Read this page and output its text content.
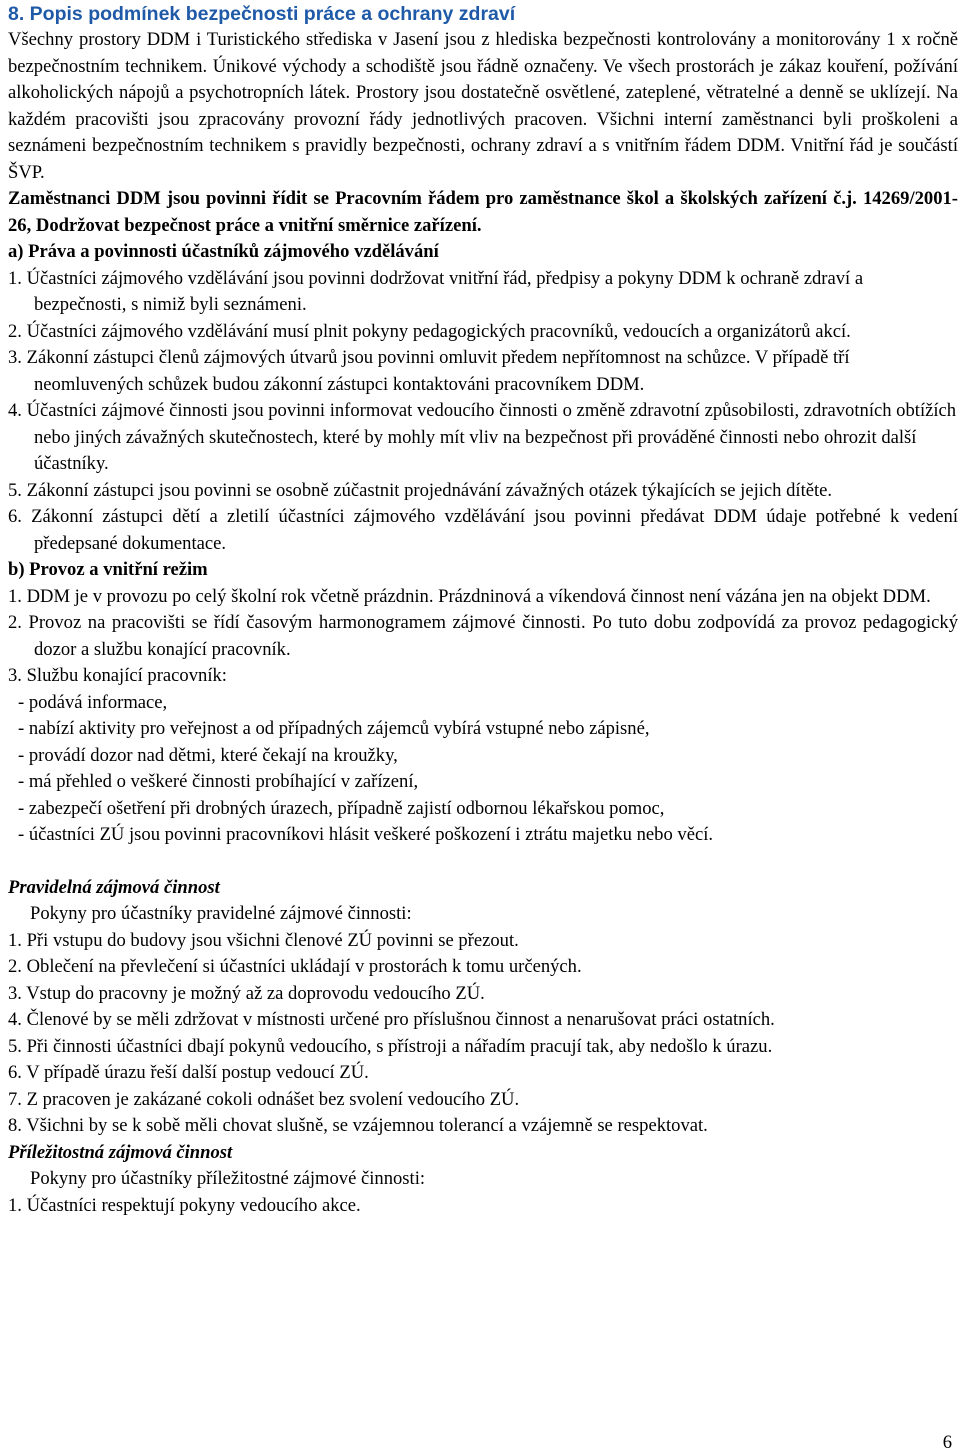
8. Popis podmínek bezpečnosti práce a ochrany zdraví

Všechny prostory DDM i Turistického střediska v Jasení jsou z hlediska bezpečnosti kontrolovány a monitorovány 1 x ročně bezpečnostním technikem. Únikové východy a schodiště jsou řádně označeny. Ve všech prostorách je zákaz kouření, požívání alkoholických nápojů a psychotropních látek. Prostory jsou dostatečně osvětlené, zateplené, větratelné a denně se uklízejí. Na každém pracovišti jsou zpracovány provozní řády jednotlivých pracoven. Všichni interní zaměstnanci byli proškoleni a seznámeni bezpečnostním technikem s pravidly bezpečnosti, ochrany zdraví a s vnitřním řádem DDM. Vnitřní řád je součástí ŠVP.

Zaměstnanci DDM jsou povinni řídit se Pracovním řádem pro zaměstnance škol a školských zařízení č.j. 14269/2001-26, Dodržovat bezpečnost práce a vnitřní směrnice zařízení.

a) Práva a povinnosti účastníků zájmového vzdělávání

1. Účastníci zájmového vzdělávání jsou povinni dodržovat vnitřní řád, předpisy a pokyny DDM k ochraně zdraví a bezpečnosti, s nimiž byli seznámeni.

2. Účastníci zájmového vzdělávání musí plnit pokyny pedagogických pracovníků, vedoucích a organizátorů akcí.

3. Zákonní zástupci členů zájmových útvarů jsou povinni omluvit předem nepřítomnost na schůzce. V případě tří neomluvených schůzek budou zákonní zástupci kontaktováni pracovníkem DDM.

4. Účastníci zájmové činnosti jsou povinni informovat vedoucího činnosti o změně zdravotní způsobilosti, zdravotních obtížích nebo jiných závažných skutečnostech, které by mohly mít vliv na bezpečnost při prováděné činnosti nebo ohrozit další účastníky.

5. Zákonní zástupci jsou povinni se osobně zúčastnit projednávání závažných otázek týkajících se jejich dítěte.

6. Zákonní zástupci dětí a zletilí účastníci zájmového vzdělávání jsou povinni předávat DDM údaje potřebné k vedení předepsané dokumentace.

b) Provoz a vnitřní režim

1. DDM je v provozu po celý školní rok včetně prázdnin. Prázdninová a víkendová činnost není vázána jen na objekt DDM.

2. Provoz na pracovišti se řídí časovým harmonogramem zájmové činnosti. Po tuto dobu zodpovídá za provoz pedagogický dozor a službu konající pracovník.

3. Službu konající pracovník:

- podává informace,

- nabízí aktivity pro veřejnost a od případných zájemců vybírá vstupné nebo zápisné,

- provádí dozor nad dětmi, které čekají na kroužky,

- má přehled o veškeré činnosti probíhající v zařízení,

- zabezpečí ošetření při drobných úrazech, případně zajistí odbornou lékařskou pomoc,

- účastníci ZÚ jsou povinni pracovníkovi hlásit veškeré poškození i ztrátu majetku nebo věcí.

Pravidelná zájmová činnost

Pokyny pro účastníky pravidelné zájmové činnosti:

1. Při vstupu do budovy jsou všichni členové ZÚ povinni se přezout.

2. Oblečení na převlečení si účastníci ukládají v prostorách k tomu určených.

3. Vstup do pracovny je možný až za doprovodu vedoucího ZÚ.

4. Členové by se měli zdržovat v místnosti určené pro příslušnou činnost a nenarušovat práci ostatních.

5. Při činnosti účastníci dbají pokynů vedoucího, s přístroji a nářadím pracují tak, aby nedošlo k úrazu.

6. V případě úrazu řeší další postup vedoucí ZÚ.

7. Z pracoven je zakázané cokoli odnášet bez svolení vedoucího ZÚ.

8. Všichni by se k sobě měli chovat slušně, se vzájemnou tolerancí a vzájemně se respektovat.

Příležitostná zájmová činnost

Pokyny pro účastníky příležitostné zájmové činnosti:

1. Účastníci respektují pokyny vedoucího akce.

6
